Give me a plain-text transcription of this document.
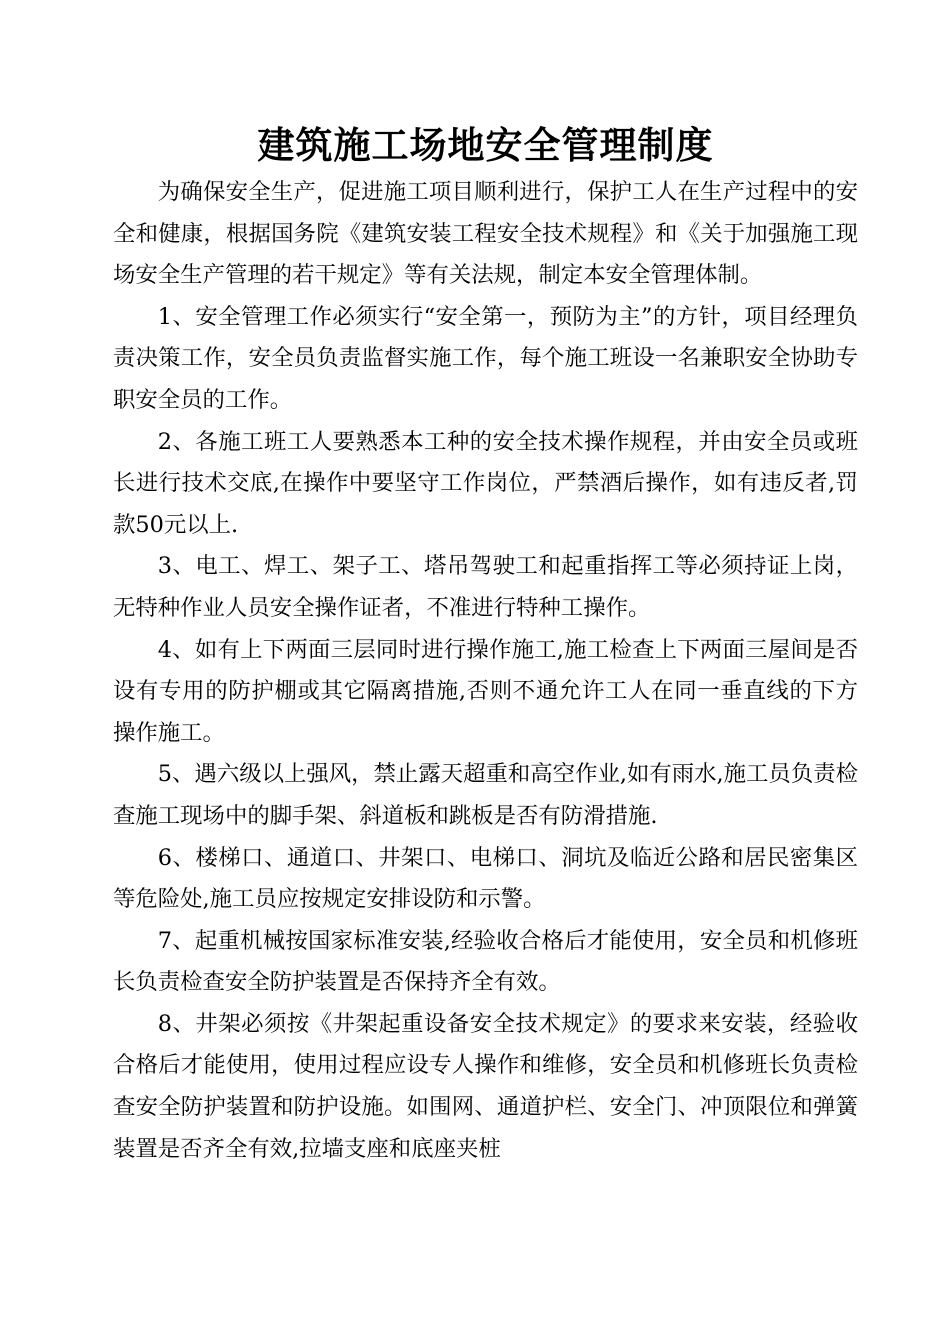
建筑施工场地安全管理制度

为确保安全生产，促进施工项目顺利进行，保护工人在生产过程中的安全和健康，根据国务院《建筑安装工程安全技术规程》和《关于加强施工现场安全生产管理的若干规定》等有关法规，制定本安全管理体制。

1、安全管理工作必须实行“安全第一，预防为主”的方针，项目经理负责决策工作，安全员负责监督实施工作，每个施工班设一名兼职安全协助专职安全员的工作。

2、各施工班工人要熟悉本工种的安全技术操作规程，并由安全员或班长进行技术交底,在操作中要坚守工作岗位，严禁酒后操作，如有违反者,罚款50元以上.

3、电工、焊工、架子工、塔吊驾驶工和起重指挥工等必须持证上岗，无特种作业人员安全操作证者，不准进行特种工操作。

4、如有上下两面三层同时进行操作施工,施工检查上下两面三屋间是否设有专用的防护棚或其它隔离措施,否则不通允许工人在同一垂直线的下方操作施工。

5、遇六级以上强风，禁止露天超重和高空作业,如有雨水,施工员负责检查施工现场中的脚手架、斜道板和跳板是否有防滑措施.

6、楼梯口、通道口、井架口、电梯口、洞坑及临近公路和居民密集区等危险处,施工员应按规定安排设防和示警。

7、起重机械按国家标准安装,经验收合格后才能使用，安全员和机修班长负责检查安全防护装置是否保持齐全有效。

8、井架必须按《井架起重设备安全技术规定》的要求来安装，经验收合格后才能使用，使用过程应设专人操作和维修，安全员和机修班长负责检查安全防护装置和防护设施。如围网、通道护栏、安全门、冲顶限位和弹簧装置是否齐全有效,拉墙支座和底座夹桩
